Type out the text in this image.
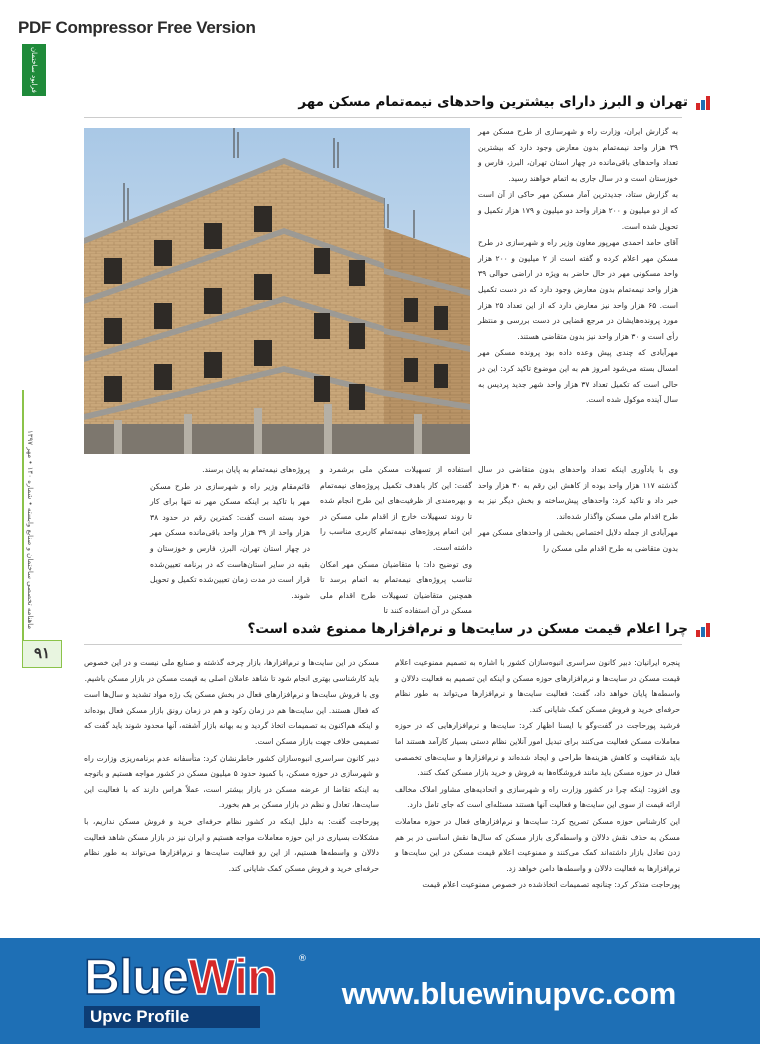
PDF Compressor Free Version
فرابود ساختمان
ماهنامه تخصصی ساختمان و صنایع وابسته • شماره ۱۴۰ • مهر ۱۳۹۷
۹۱
تهران و البرز دارای بیشترین واحدهای نیمه‌تمام مسکن مهر

به گزارش ایران، وزارت راه و شهرسازی از طرح مسکن مهر ۳۹ هزار واحد نیمه‌تمام بدون معارض وجود دارد که بیشترین تعداد واحدهای باقی‌مانده در چهار استان تهران، البرز، فارس و خوزستان است و در سال جاری به اتمام خواهند رسید.

به گزارش ستاد، جدیدترین آمار مسکن مهر حاکی از آن است که از دو میلیون و ۲۰۰ هزار واحد دو میلیون و ۱۷۹ هزار تکمیل و تحویل شده است.

آقای حامد احمدی مهرپور معاون وزیر راه و شهرسازی در طرح مسکن مهر اعلام کرده و گفته است از ۲ میلیون و ۲۰۰ هزار واحد مسکونی مهر در حال حاضر به ویژه در اراضی حوالی ۳۹ هزار واحد نیمه‌تمام بدون معارض وجود دارد که در دست تکمیل است. ۶۵ هزار واحد نیز معارض دارد که از این تعداد ۲۵ هزار مورد پرونده‌هایشان در مرجع قضایی در دست بررسی و منتظر رأی است و ۳۰ هزار واحد نیز بدون متقاضی هستند.

مهرآبادی که چندی پیش وعده داده بود پرونده مسکن مهر امسال بسته می‌شود امروز هم به این موضوع تاکید کرد: این در حالی است که تکمیل تعداد ۳۷ هزار واحد شهر جدید پردیس به سال آینده موکول شده است.

وی با یادآوری اینکه تعداد واحدهای بدون متقاضی در سال گذشته ۱۱۷ هزار واحد بوده از کاهش این رقم به ۳۰ هزار واحد خبر داد و تاکید کرد: واحدهای پیش‌ساخته و بخش دیگر نیز به طرح اقدام ملی مسکن واگذار شده‌اند.

مهرآبادی از جمله دلایل اختصاص بخشی از واحدهای مسکن مهر بدون متقاضی به طرح اقدام ملی مسکن را

استفاده از تسهیلات مسکن ملی برشمرد و گفت: این کار باهدف تکمیل پروژه‌های نیمه‌تمام و بهره‌مندی از ظرفیت‌های این طرح انجام شده تا روند تسهیلات خارج از اقدام ملی مسکن در این اتمام پروژه‌های نیمه‌تمام کاربری مناسب را داشته است.

وی توضیح داد: با متقاضیان مسکن مهر امکان تناسب پروژه‌های نیمه‌تمام به اتمام برسد تا همچنین متقاضیان تسهیلات طرح اقدام ملی مسکن در آن استفاده کنند تا

پروژه‌های نیمه‌تمام به پایان برسند.

قائم‌مقام وزیر راه و شهرسازی در طرح مسکن مهر با تاکید بر اینکه مسکن مهر نه تنها برای کار خود بسته است گفت: کمترین رقم در حدود ۳۸ هزار واحد از ۳۹ هزار واحد باقی‌مانده مسکن مهر در چهار استان تهران، البرز، فارس و خوزستان و بقیه در سایر استان‌هاست که در برنامه تعیین‌شده قرار است در مدت زمان تعیین‌شده تکمیل و تحویل شوند.

چرا اعلام قیمت مسکن در سایت‌ها و نرم‌افزارها ممنوع شده است؟

پنجره ایرانیان: دبیر کانون سراسری انبوه‌سازان کشور با اشاره به تصمیم ممنوعیت اعلام قیمت مسکن در سایت‌ها و نرم‌افزارهای حوزه مسکن و اینکه این تصمیم به فعالیت دلالان و واسطه‌ها پایان خواهد داد، گفت: فعالیت سایت‌ها و نرم‌افزارها می‌تواند به طور نظام حرفه‌ای خرید و فروش مسکن کمک شایانی کند.

فرشید پورحاجت در گفت‌وگو با ایسنا اظهار کرد: سایت‌ها و نرم‌افزارهایی که در حوزه معاملات مسکن فعالیت می‌کنند برای تبدیل امور آنلاین نظام دستی بسیار کارآمد هستند اما باید شفافیت و کاهش هزینه‌ها طراحی و ایجاد شده‌اند و نرم‌افزارها و سایت‌های تخصصی فعال در حوزه مسکن باید مانند فروشگاه‌ها به فروش و خرید بازار مسکن کمک کنند.

وی افزود: اینکه چرا در کشور وزارت راه و شهرسازی و اتحادیه‌های مشاور املاک مخالف ارائه قیمت از سوی این سایت‌ها و فعالیت آنها هستند مسئله‌ای است که جای تامل دارد.

این کارشناس حوزه مسکن تصریح کرد: سایت‌ها و نرم‌افزارهای فعال در حوزه معاملات مسکن به حذف نقش دلالان و واسطه‌گری بازار مسکن که سال‌ها نقش اساسی در بر هم زدن تعادل بازار داشته‌اند کمک می‌کنند و ممنوعیت اعلام قیمت مسکن در این سایت‌ها و نرم‌افزارها به فعالیت دلالان و واسطه‌ها دامن خواهد زد.

پورحاجت متذکر کرد: چنانچه تصمیمات اتخاذشده در خصوص ممنوعیت اعلام قیمت

مسکن در این سایت‌ها و نرم‌افزارها، بازار چرخه گذشته و صنایع ملی نیست و در این خصوص باید کارشناسی بهتری انجام شود تا شاهد عاملان اصلی به قیمت مسکن در بازار مسکن باشیم.

وی با فروش سایت‌ها و نرم‌افزارهای فعال در بخش مسکن یک رژه مواد تشدید و سال‌ها است که فعال هستند. این سایت‌ها هم در زمان رکود و هم در زمان رونق بازار مسکن فعال بوده‌اند و اینکه هم‌اکنون به تصمیمات اتخاذ گردید و به بهانه بازار آشفته، آنها محدود شوند باید گفت که تصمیمی خلاف جهت بازار مسکن است.

دبیر کانون سراسری انبوه‌سازان کشور خاطرنشان کرد: متأسفانه عدم برنامه‌ریزی وزارت راه و شهرسازی در حوزه مسکن، با کمبود حدود ۵ میلیون مسکن در کشور مواجه هستیم و باتوجه به اینکه تقاضا از عرضه مسکن در بازار بیشتر است، عملاً هراس دارند که با فعالیت این سایت‌ها، تعادل و نظم در بازار مسکن بر هم بخورد.

پورحاجت گفت: به دلیل اینکه در کشور نظام حرفه‌ای خرید و فروش مسکن نداریم، با مشکلات بسیاری در این حوزه معاملات مواجه هستیم و ایران نیز در بازار مسکن شاهد فعالیت دلالان و واسطه‌ها هستیم، از این رو فعالیت سایت‌ها و نرم‌افزارها می‌تواند به طور نظام حرفه‌ای خرید و فروش مسکن کمک شایانی کند.

BlueWin	®
Upvc Profile
www.bluewinupvc.com
